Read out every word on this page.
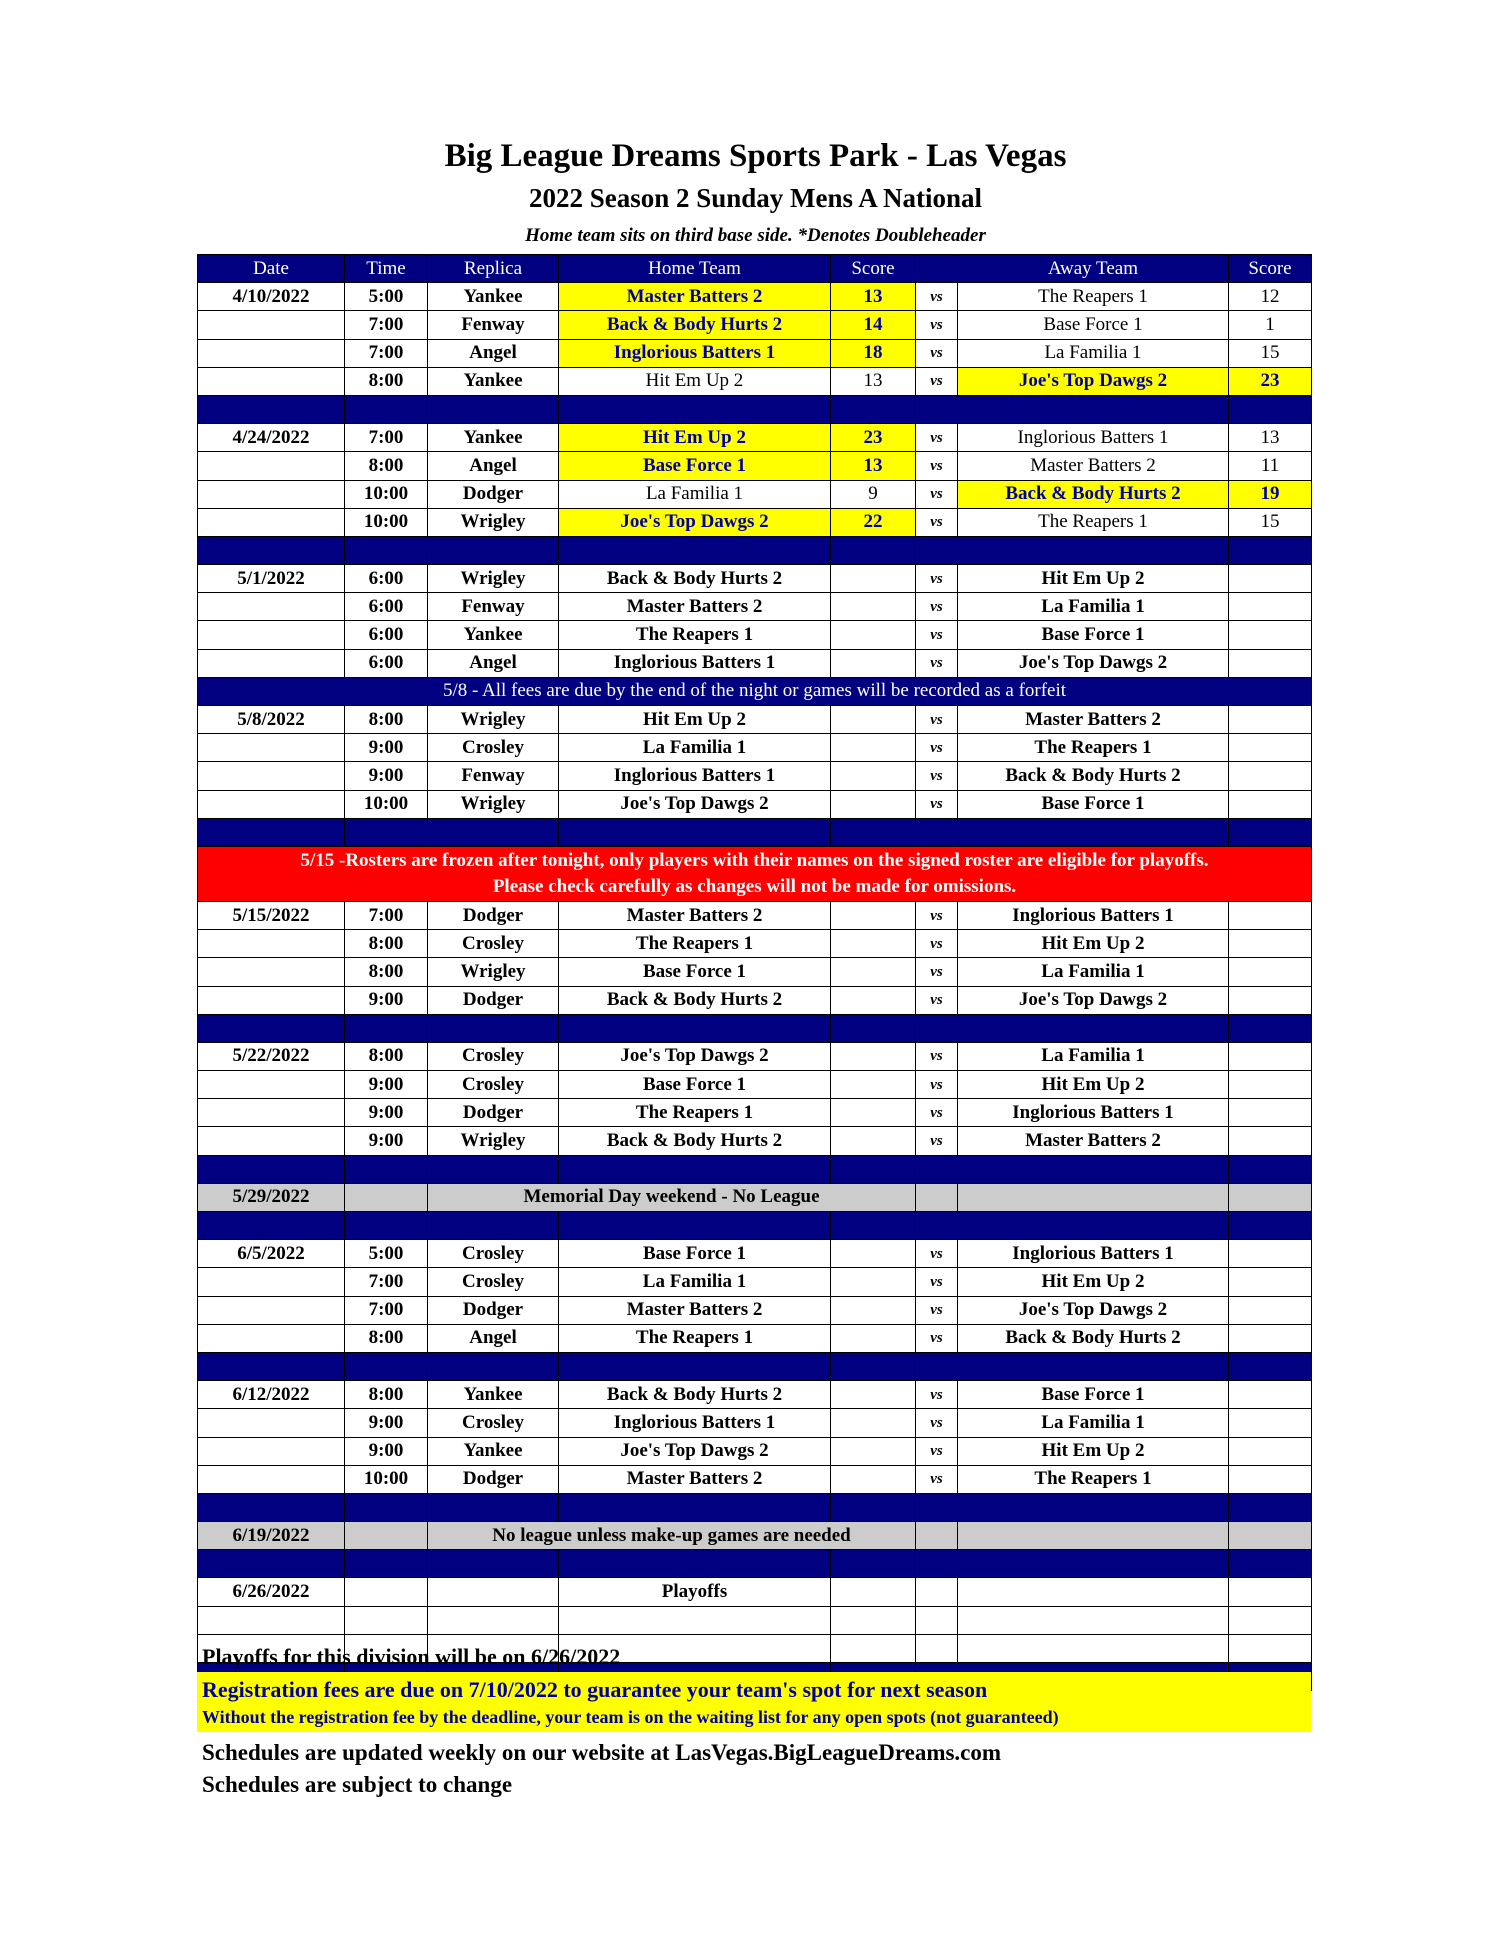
Big League Dreams Sports Park - Las Vegas
2022 Season 2 Sunday Mens A National
Home team sits on third base side. *Denotes Doubleheader
Date	Time	Replica	Home Team	Score		Away Team	Score
4/10/2022	5:00	Yankee	Master Batters 2	13	vs	The Reapers 1	12
	7:00	Fenway	Back & Body Hurts 2	14	vs	Base Force 1	1
	7:00	Angel	Inglorious Batters 1	18	vs	La Familia 1	15
	8:00	Yankee	Hit Em Up 2	13	vs	Joe's Top Dawgs 2	23

4/24/2022	7:00	Yankee	Hit Em Up 2	23	vs	Inglorious Batters 1	13
	8:00	Angel	Base Force 1	13	vs	Master Batters 2	11
	10:00	Dodger	La Familia 1	9	vs	Back & Body Hurts 2	19
	10:00	Wrigley	Joe's Top Dawgs 2	22	vs	The Reapers 1	15

5/1/2022	6:00	Wrigley	Back & Body Hurts 2		vs	Hit Em Up 2	
	6:00	Fenway	Master Batters 2		vs	La Familia 1	
	6:00	Yankee	The Reapers 1		vs	Base Force 1	
	6:00	Angel	Inglorious Batters 1		vs	Joe's Top Dawgs 2	
5/8 - All fees are due by the end of the night or games will be recorded as a forfeit							
5/8/2022	8:00	Wrigley	Hit Em Up 2		vs	Master Batters 2	
	9:00	Crosley	La Familia 1		vs	The Reapers 1	
	9:00	Fenway	Inglorious Batters 1		vs	Back & Body Hurts 2	
	10:00	Wrigley	Joe's Top Dawgs 2		vs	Base Force 1	

5/15 -Rosters are frozen after tonight, only players with their names on the signed roster are eligible for playoffs.
Please check carefully as changes will not be made for omissions.							

5/15/2022	7:00	Dodger	Master Batters 2		vs	Inglorious Batters 1	
	8:00	Crosley	The Reapers 1		vs	Hit Em Up 2	
	8:00	Wrigley	Base Force 1		vs	La Familia 1	
	9:00	Dodger	Back & Body Hurts 2		vs	Joe's Top Dawgs 2	

5/22/2022	8:00	Crosley	Joe's Top Dawgs 2		vs	La Familia 1	
	9:00	Crosley	Base Force 1		vs	Hit Em Up 2	
	9:00	Dodger	The Reapers 1		vs	Inglorious Batters 1	
	9:00	Wrigley	Back & Body Hurts 2		vs	Master Batters 2	

5/29/2022		Memorial Day weekend - No League					

6/5/2022	5:00	Crosley	Base Force 1		vs	Inglorious Batters 1	
	7:00	Crosley	La Familia 1		vs	Hit Em Up 2	
	7:00	Dodger	Master Batters 2		vs	Joe's Top Dawgs 2	
	8:00	Angel	The Reapers 1		vs	Back & Body Hurts 2	

6/12/2022	8:00	Yankee	Back & Body Hurts 2		vs	Base Force 1	
	9:00	Crosley	Inglorious Batters 1		vs	La Familia 1	
	9:00	Yankee	Joe's Top Dawgs 2		vs	Hit Em Up 2	
	10:00	Dodger	Master Batters 2		vs	The Reapers 1	

6/19/2022		No league unless make-up games are needed					

6/26/2022			Playoffs				

Playoffs for this division will be on 6/26/2022
Registration fees are due on 7/10/2022 to guarantee your team's spot for next season
Without the registration fee by the deadline, your team is on the waiting list for any open spots (not guaranteed)
Schedules are updated weekly on our website at LasVegas.BigLeagueDreams.com
Schedules are subject to change
